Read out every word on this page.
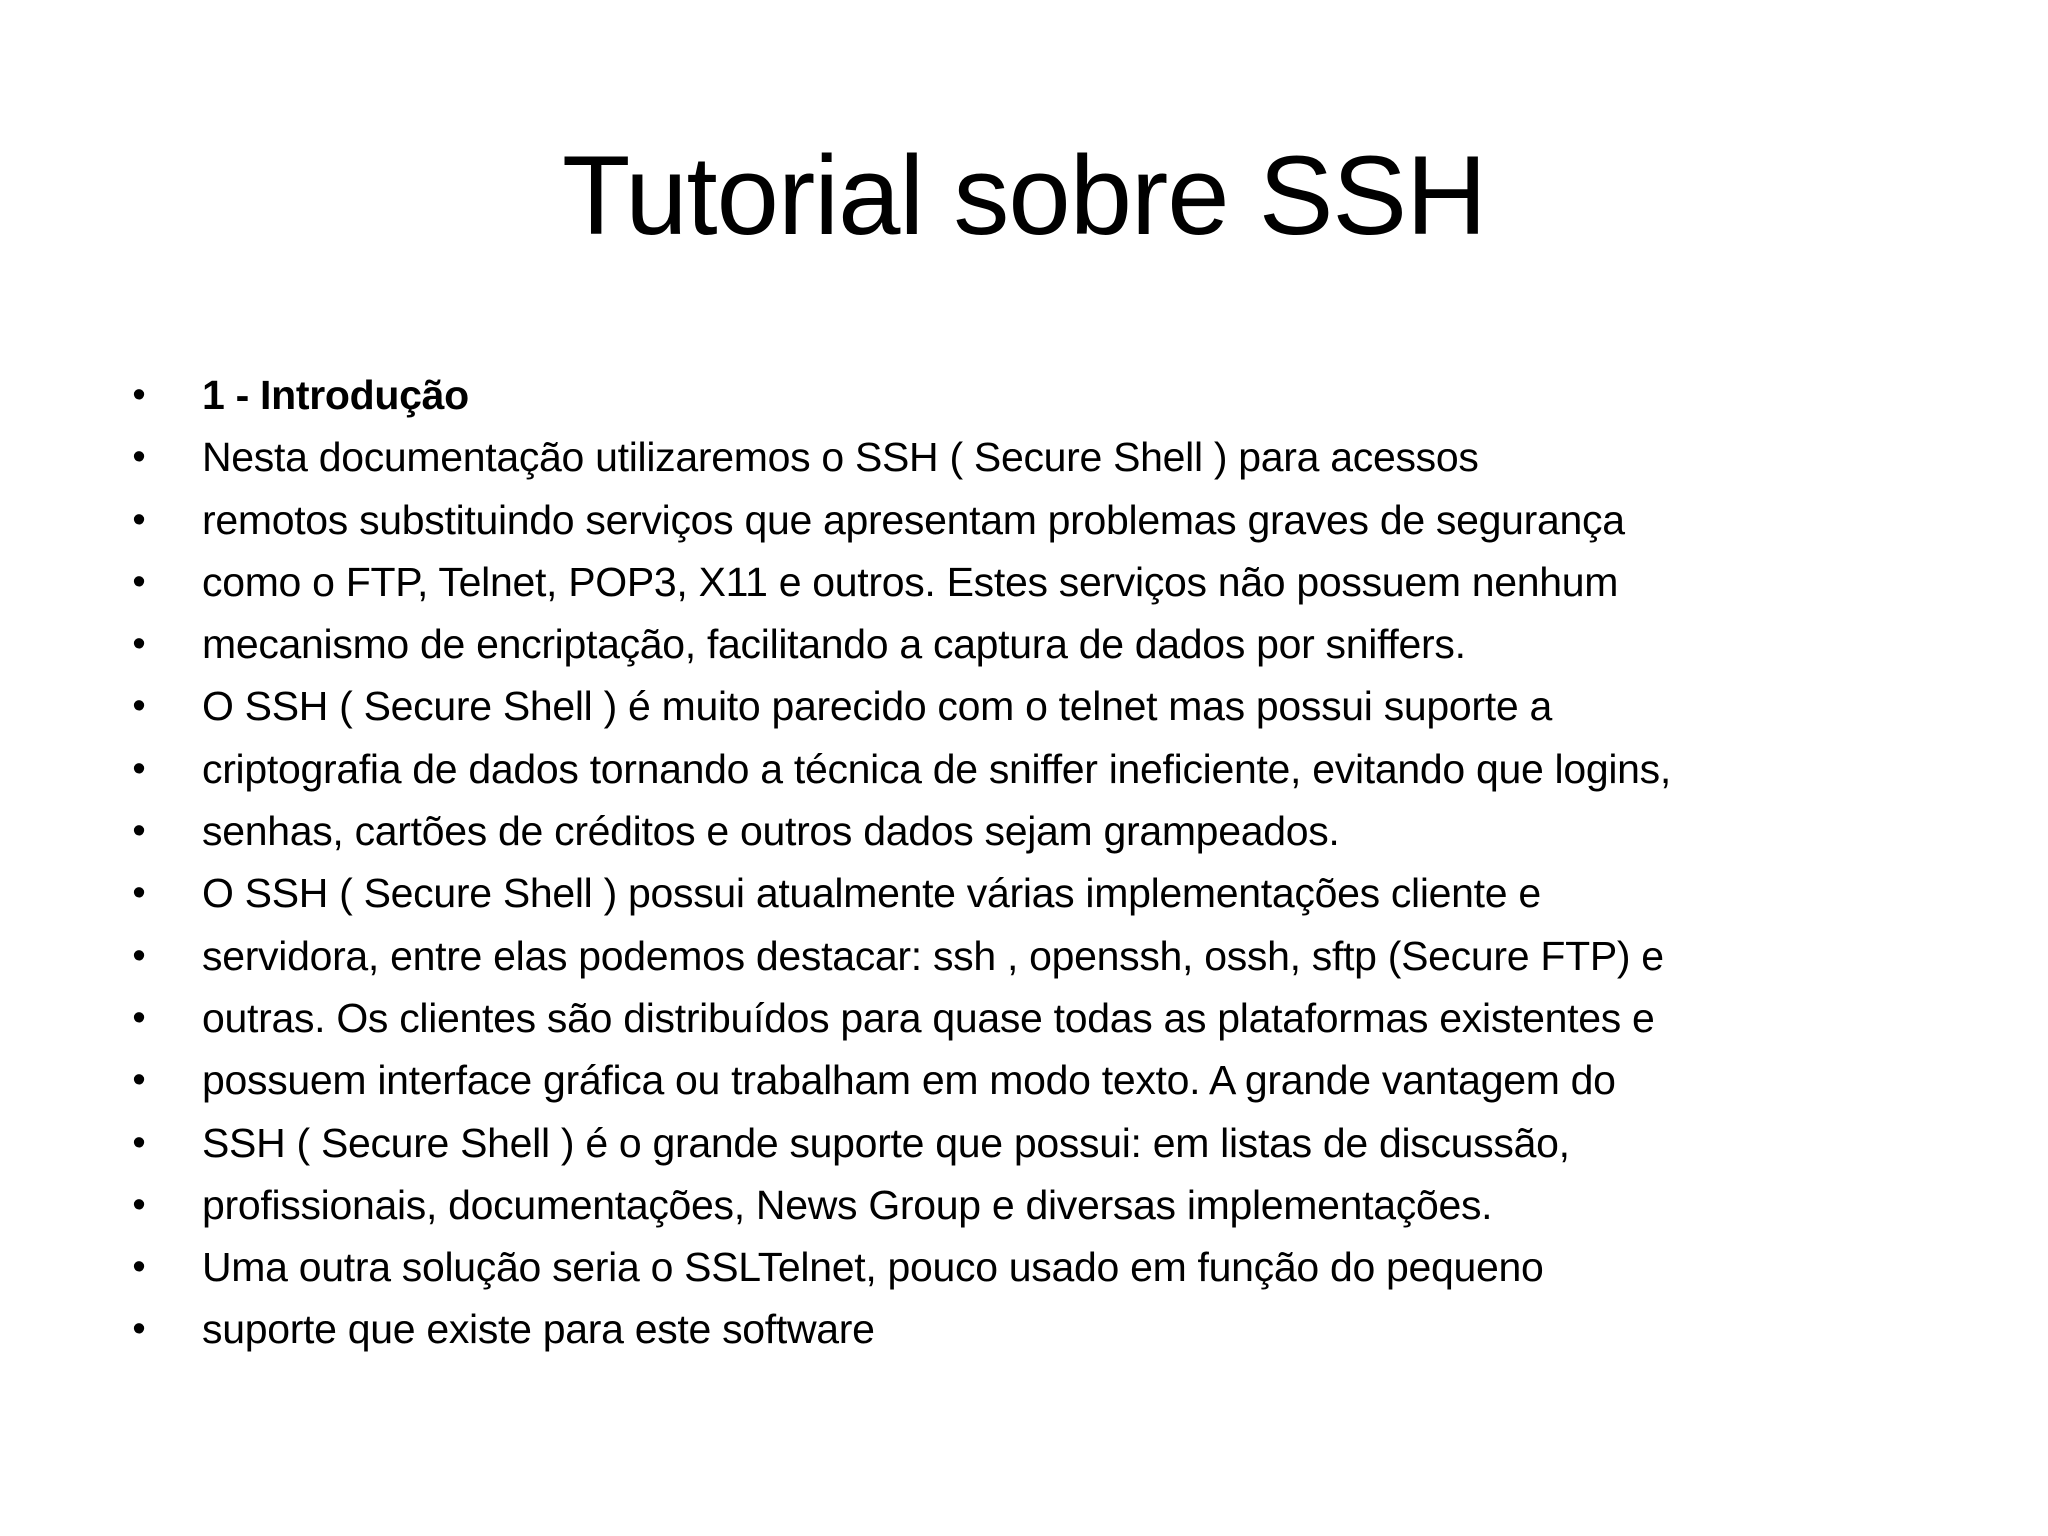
Tutorial sobre SSH
• 1 - Introdução
• Nesta documentação utilizaremos o SSH ( Secure Shell ) para acessos
• remotos substituindo serviços que apresentam problemas graves de segurança
• como o FTP, Telnet, POP3, X11 e outros. Estes serviços não possuem nenhum
• mecanismo de encriptação, facilitando a captura de dados por sniffers.
• O SSH ( Secure Shell ) é muito parecido com o telnet mas possui suporte a
• criptografia de dados tornando a técnica de sniffer ineficiente, evitando que logins,
• senhas, cartões de créditos e outros dados sejam grampeados.
• O SSH ( Secure Shell ) possui atualmente várias implementações cliente e
• servidora, entre elas podemos destacar: ssh , openssh, ossh, sftp (Secure FTP) e
• outras. Os clientes são distribuídos para quase todas as plataformas existentes e
• possuem interface gráfica ou trabalham em modo texto. A grande vantagem do
• SSH ( Secure Shell ) é o grande suporte que possui: em listas de discussão,
• profissionais, documentações, News Group e diversas implementações.
• Uma outra solução seria o SSLTelnet, pouco usado em função do pequeno
• suporte que existe para este software
